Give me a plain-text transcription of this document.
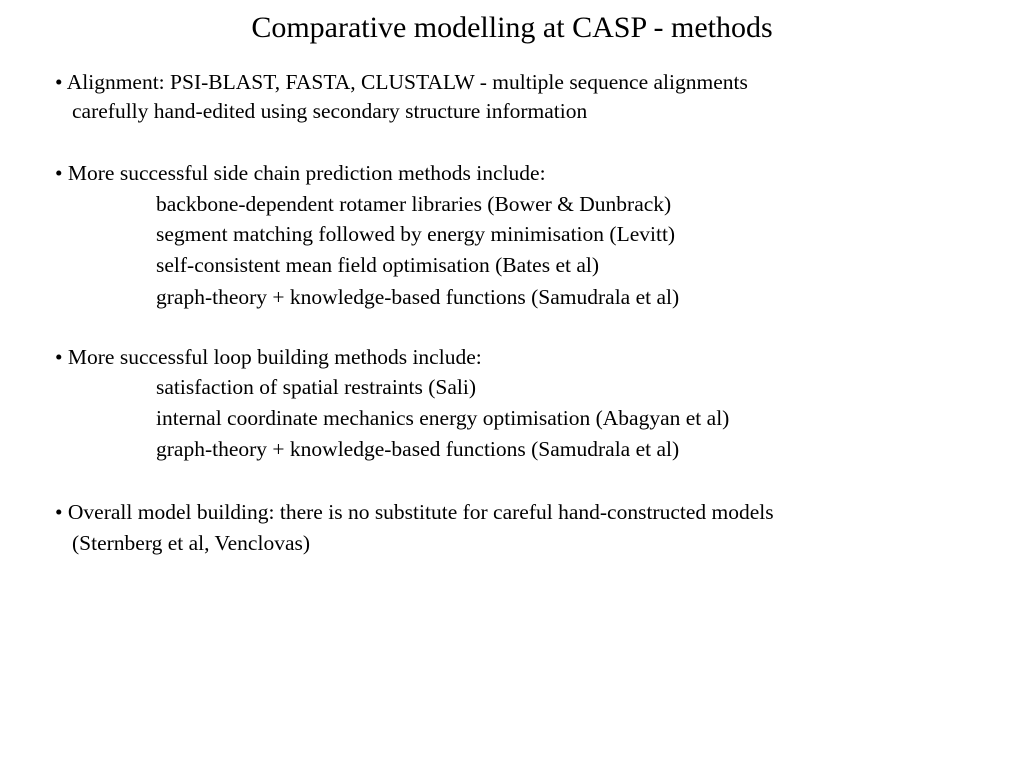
Comparative modelling at CASP - methods
• Alignment: PSI-BLAST, FASTA, CLUSTALW - multiple sequence alignments
carefully hand-edited using secondary structure information
• More successful side chain prediction methods include:
backbone-dependent rotamer libraries (Bower & Dunbrack)
segment matching followed by energy minimisation (Levitt)
self-consistent mean field optimisation (Bates et al)
graph-theory + knowledge-based functions (Samudrala et al)
• More successful loop building methods include:
satisfaction of spatial restraints (Sali)
internal coordinate mechanics energy optimisation (Abagyan et al)
graph-theory + knowledge-based functions (Samudrala et al)
• Overall model building: there is no substitute for careful hand-constructed models
(Sternberg et al, Venclovas)
